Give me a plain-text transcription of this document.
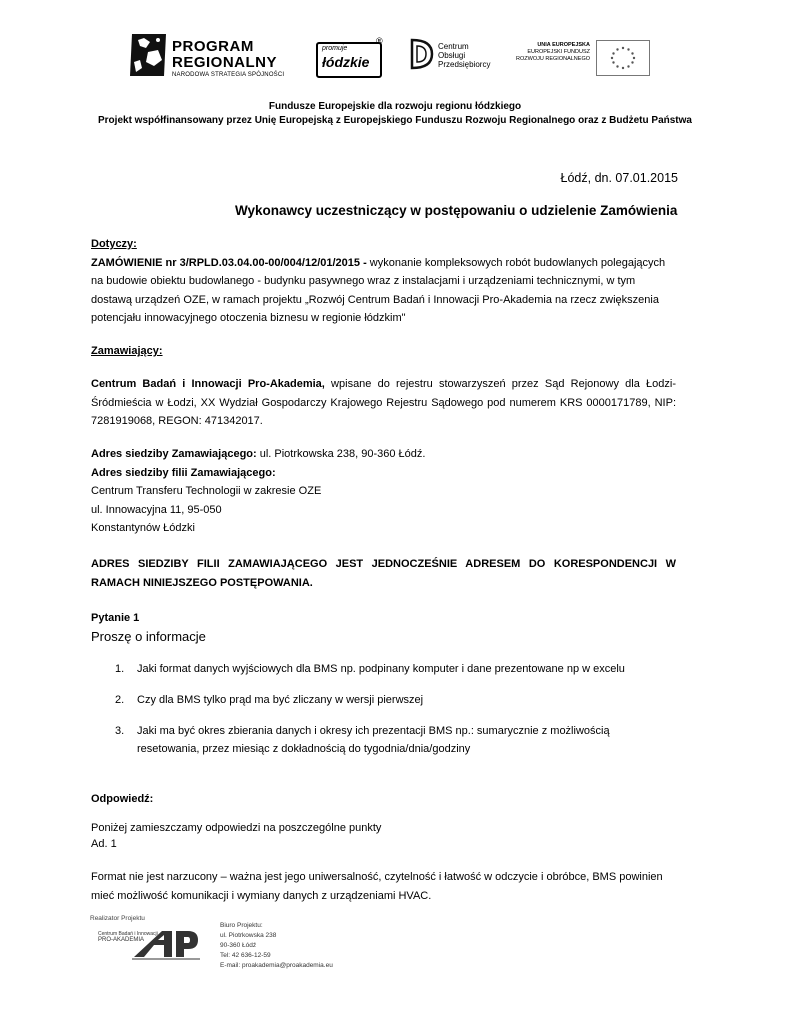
PROGRAM
REGIONALNY
NARODOWA STRATEGIA SPÓJNOŚCI
promuje
łódzkie
®
Centrum
Obsługi
Przedsiębiorcy
UNIA EUROPEJSKA
EUROPEJSKI FUNDUSZ
ROZWOJU REGIONALNEGO
Fundusze Europejskie dla rozwoju regionu łódzkiego
Projekt współfinansowany przez Unię Europejską z Europejskiego Funduszu Rozwoju Regionalnego oraz z Budżetu Państwa
Łódź, dn. 07.01.2015
Wykonawcy uczestniczący w postępowaniu o udzielenie Zamówienia
Dotyczy:
ZAMÓWIENIE nr 3/RPLD.03.04.00-00/004/12/01/2015 - wykonanie kompleksowych robót budowlanych polegających na budowie obiektu budowlanego - budynku pasywnego wraz z instalacjami i urządzeniami technicznymi, w tym dostawą urządzeń OZE, w ramach projektu „Rozwój Centrum Badań i Innowacji Pro-Akademia na rzecz zwiększenia potencjału innowacyjnego otoczenia biznesu w regionie łódzkim"
Zamawiający:
Centrum Badań i Innowacji Pro-Akademia, wpisane do rejestru stowarzyszeń przez Sąd Rejonowy dla Łodzi-Śródmieścia w Łodzi, XX Wydział Gospodarczy Krajowego Rejestru Sądowego pod numerem KRS 0000171789, NIP: 7281919068, REGON: 471342017.
Adres siedziby Zamawiającego: ul. Piotrkowska 238, 90-360 Łódź.
Adres siedziby filii Zamawiającego:
Centrum Transferu Technologii w zakresie OZE
ul. Innowacyjna 11, 95-050
Konstantynów Łódzki
ADRES SIEDZIBY FILII ZAMAWIAJĄCEGO JEST JEDNOCZEŚNIE ADRESEM DO KORESPONDENCJI W RAMACH NINIEJSZEGO POSTĘPOWANIA.
Pytanie 1
Proszę o informacje
1. Jaki format danych wyjściowych dla BMS np. podpinany komputer i dane prezentowane np w excelu
2. Czy dla BMS tylko prąd ma być zliczany w wersji pierwszej
3. Jaki ma być okres zbierania danych i okresy ich prezentacji BMS np.: sumarycznie z możliwością resetowania, przez miesiąc z dokładnością do tygodnia/dnia/godziny
Odpowiedź:
Poniżej zamieszczamy odpowiedzi na poszczególne punkty
Ad. 1
Format nie jest narzucony – ważna jest jego uniwersalność, czytelność i łatwość w odczycie i obróbce, BMS powinien mieć możliwość komunikacji i wymiany danych z urządzeniami HVAC.
Realizator Projektu
Centrum Badań i Innowacji
PRO-AKADEMIA
Biuro Projektu:
ul. Piotrkowska 238
90-360 Łódź
Tel: 42 636-12-59
E-mail: proakademia@proakademia.eu
